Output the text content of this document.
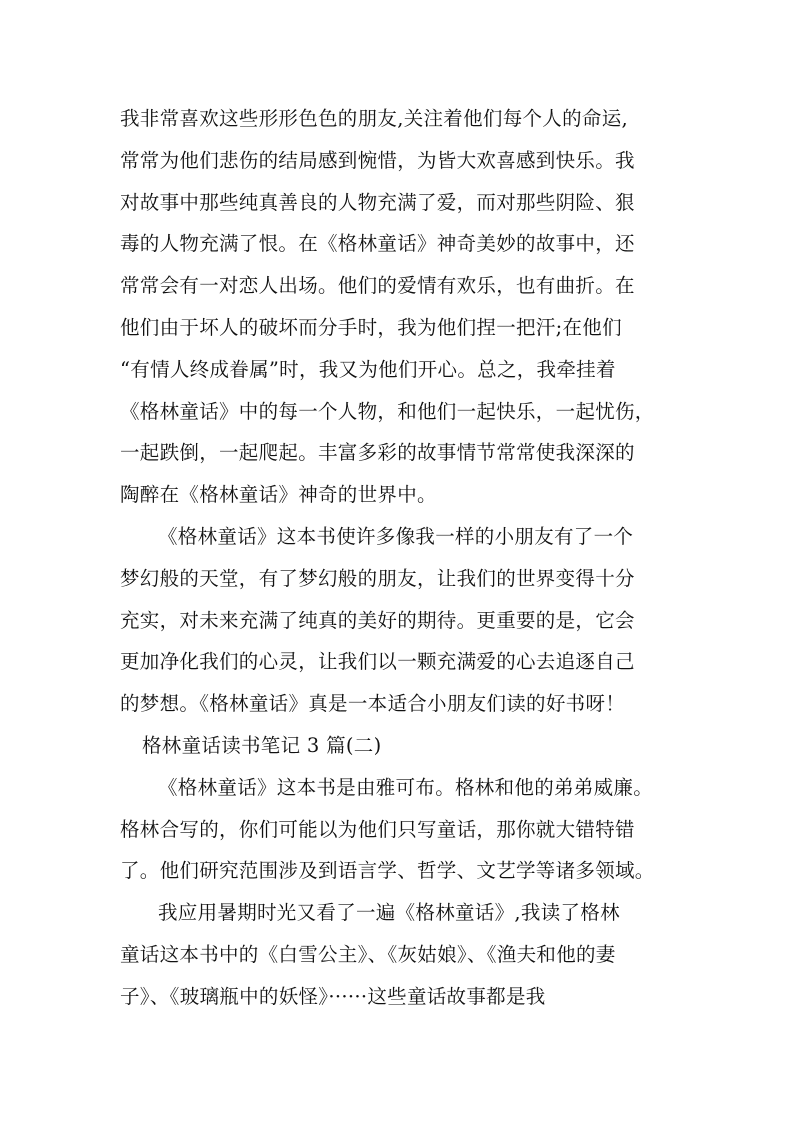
我非常喜欢这些形形色色的朋友,关注着他们每个人的命运,
常常为他们悲伤的结局感到惋惜，为皆大欢喜感到快乐。我
对故事中那些纯真善良的人物充满了爱，而对那些阴险、狠
毒的人物充满了恨。在《格林童话》神奇美妙的故事中，还
常常会有一对恋人出场。他们的爱情有欢乐，也有曲折。在
他们由于坏人的破坏而分手时，我为他们捏一把汗;在他们
“有情人终成眷属”时，我又为他们开心。总之，我牵挂着
《格林童话》中的每一个人物，和他们一起快乐，一起忧伤，
一起跌倒，一起爬起。丰富多彩的故事情节常常使我深深的
陶醉在《格林童话》神奇的世界中。
《格林童话》这本书使许多像我一样的小朋友有了一个
梦幻般的天堂，有了梦幻般的朋友，让我们的世界变得十分
充实，对未来充满了纯真的美好的期待。更重要的是，它会
更加净化我们的心灵，让我们以一颗充满爱的心去追逐自己
的梦想。《格林童话》真是一本适合小朋友们读的好书呀！
格林童话读书笔记 3 篇(二)
《格林童话》这本书是由雅可布。格林和他的弟弟威廉。
格林合写的，你们可能以为他们只写童话，那你就大错特错
了。他们研究范围涉及到语言学、哲学、文艺学等诸多领域。
我应用暑期时光又看了一遍《格林童话》,我读了格林
童话这本书中的《白雪公主》、《灰姑娘》、《渔夫和他的妻
子》、《玻璃瓶中的妖怪》······这些童话故事都是我
